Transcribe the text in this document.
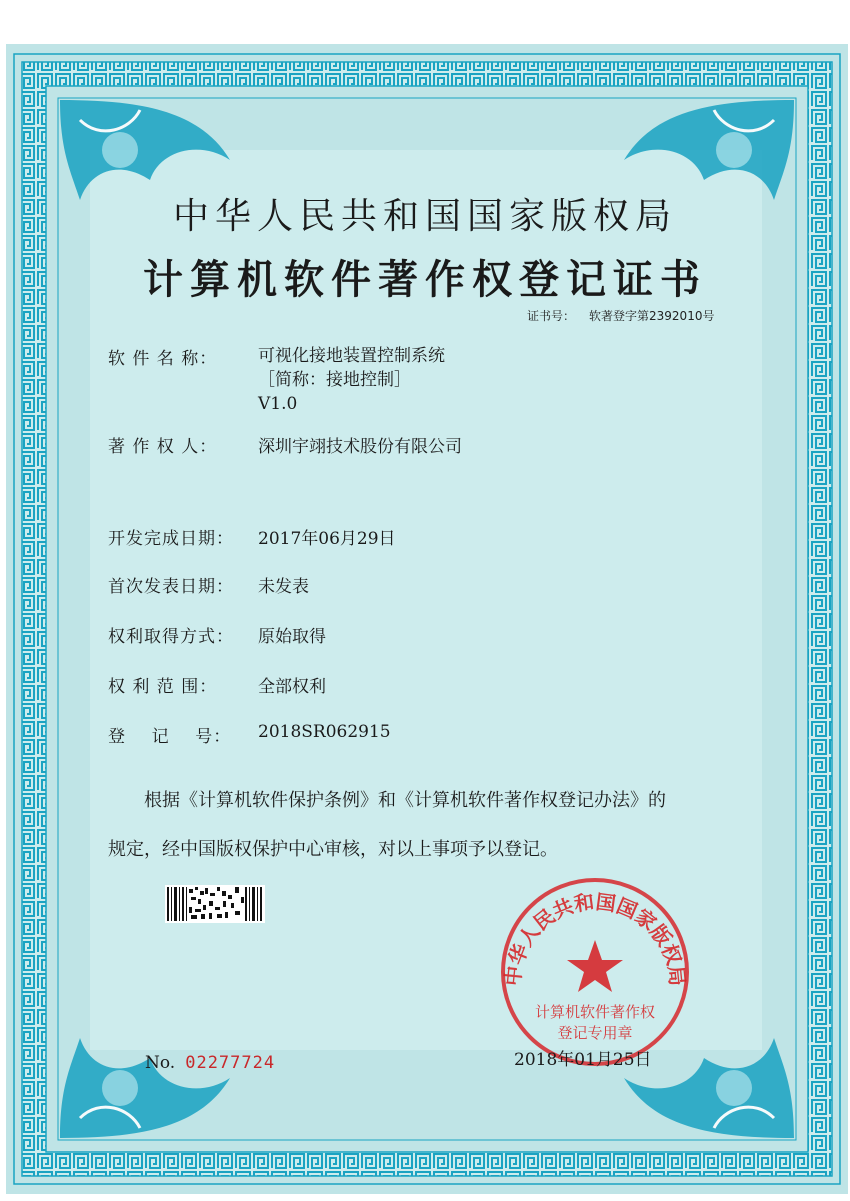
中华人民共和国国家版权局
计算机软件著作权登记证书
证书号： 软著登字第2392010号
软 件 名 称：	可视化接地装置控制系统
［简称：接地控制］
V1.0
著 作 权 人：	深圳宇翊技术股份有限公司
开发完成日期：	2017年06月29日
首次发表日期：	未发表
权利取得方式：	原始取得
权 利 范 围：	全部权利
登    记    号：	2018SR062915
根据《计算机软件保护条例》和《计算机软件著作权登记办法》的
规定，经中国版权保护中心审核，对以上事项予以登记。
中华人民共和国国家版权局
计算机软件著作权
登记专用章
2018年01月25日
No. 02277724
